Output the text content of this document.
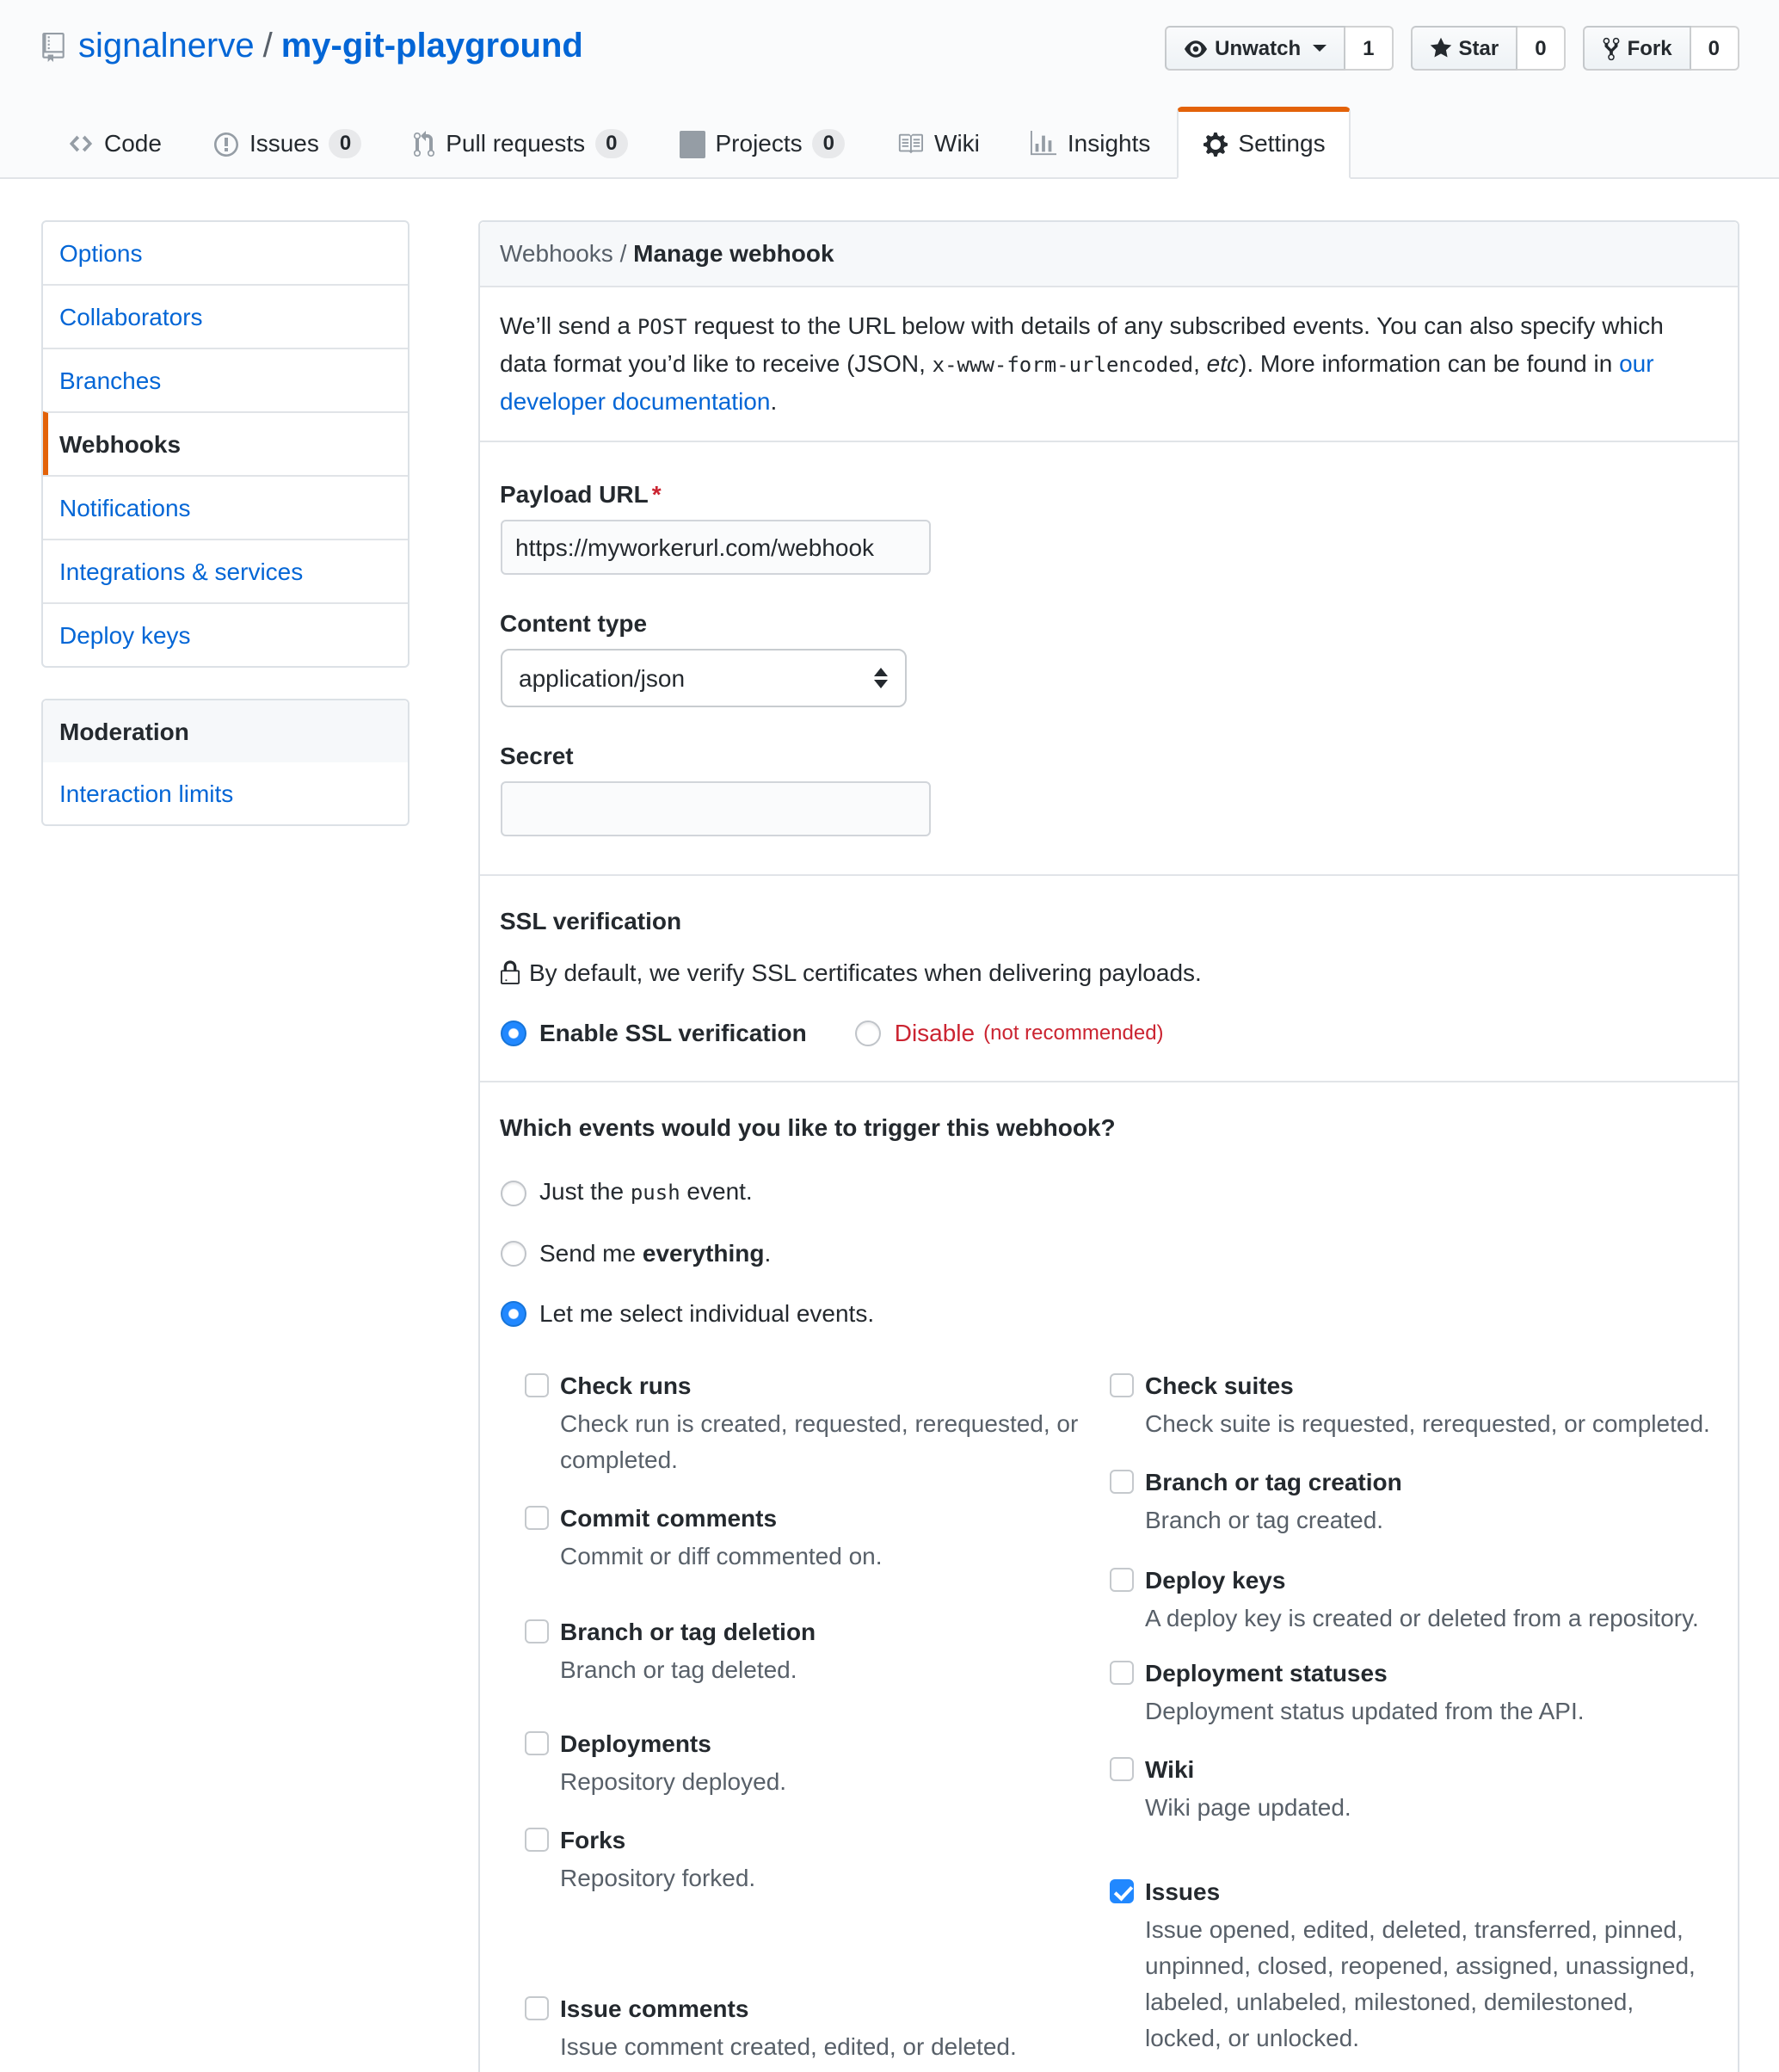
signalnerve / my-git-playground	Unwatch	1	Star	0	Fork	0
Code	Issues	0	Pull requests	0	Projects	0	Wiki	Insights	Settings
Options
Collaborators
Branches
Webhooks
Notifications
Integrations & services
Deploy keys
Moderation
Interaction limits
Webhooks / Manage webhook

We’ll send a POST request to the URL below with details of any subscribed events. You can also specify which data format you’d like to receive (JSON, x-www-form-urlencoded, etc). More information can be found in our developer documentation.

Payload URL *
https://myworkerurl.com/webhook
Content type
application/json
Secret
SSL verification
By default, we verify SSL certificates when delivering payloads.
Enable SSL verification	Disable (not recommended)
Which events would you like to trigger this webhook?
Just the push event.
Send me everything.
Let me select individual events.
Check runs

Check run is created, requested, rerequested, or completed.

Commit comments

Commit or diff commented on.

Branch or tag deletion

Branch or tag deleted.

Deployments

Repository deployed.

Forks

Repository forked.

Issue comments

Issue comment created, edited, or deleted.

Check suites

Check suite is requested, rerequested, or completed.

Branch or tag creation

Branch or tag created.

Deploy keys

A deploy key is created or deleted from a repository.

Deployment statuses

Deployment status updated from the API.

Wiki

Wiki page updated.

Issues

Issue opened, edited, deleted, transferred, pinned, unpinned, closed, reopened, assigned, unassigned, labeled, unlabeled, milestoned, demilestoned, locked, or unlocked.
